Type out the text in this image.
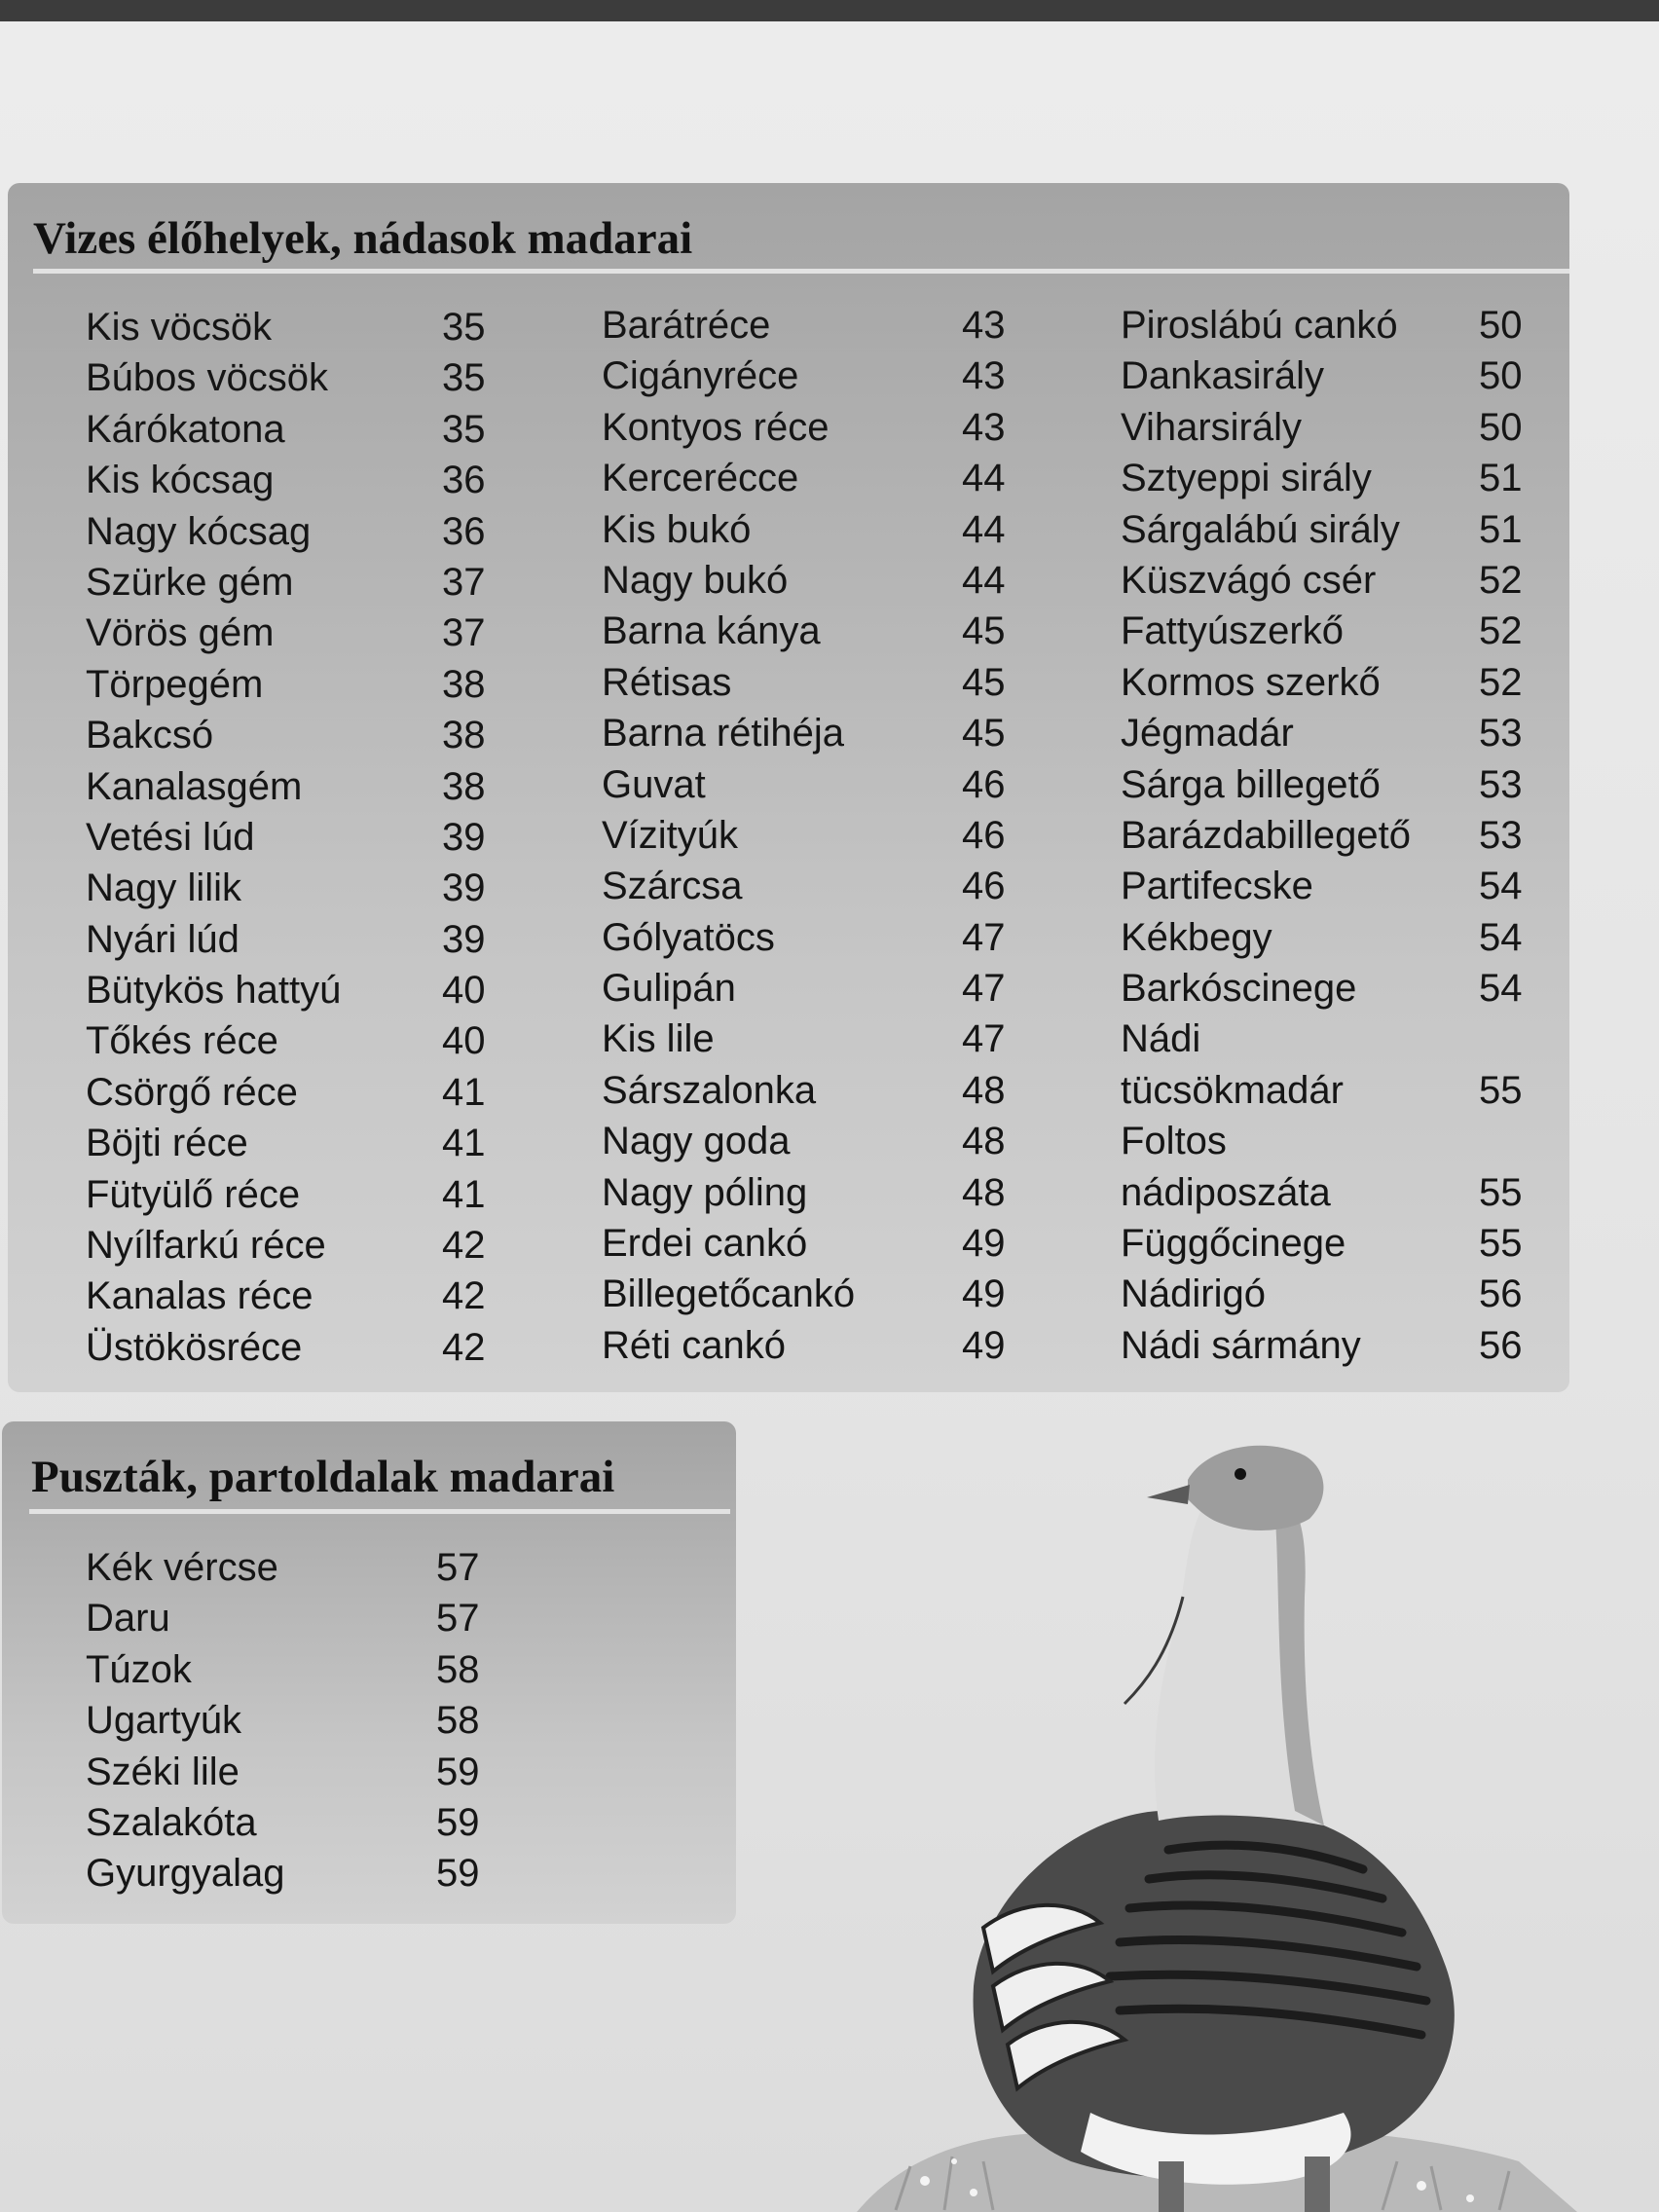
Vizes élőhelyek, nádasok madarai
Kis vöcsök	35
Búbos vöcsök	35
Kárókatona	35
Kis kócsag	36
Nagy kócsag	36
Szürke gém	37
Vörös gém	37
Törpegém	38
Bakcsó	38
Kanalasgém	38
Vetési lúd	39
Nagy lilik	39
Nyári lúd	39
Bütykös hattyú	40
Tőkés réce	40
Csörgő réce	41
Böjti réce	41
Fütyülő réce	41
Nyílfarkú réce	42
Kanalas réce	42
Üstökösréce	42
Barátréce	43
Cigányréce	43
Kontyos réce	43
Kercerécce	44
Kis bukó	44
Nagy bukó	44
Barna kánya	45
Rétisas	45
Barna rétihéja	45
Guvat	46
Vízityúk	46
Szárcsa	46
Gólyatöcs	47
Gulipán	47
Kis lile	47
Sárszalonka	48
Nagy goda	48
Nagy póling	48
Erdei cankó	49
Billegetőcankó	49
Réti cankó	49
Piroslábú cankó 50
Dankasirály	50
Viharsirály	50
Sztyeppi sirály	51
Sárgalábú sirály 51
Küszvágó csér	52
Fattyúszerkő	52
Kormos szerkő	52
Jégmadár	53
Sárga billegető	53
Barázdabillegető 53
Partifecske	54
Kékbegy	54
Barkóscinege	54
Nádi
tücsökmadár	55
Foltos
nádiposzáta	55
Függőcinege	55
Nádirigó	56
Nádi sármány	56
Puszták, partoldalak madarai
Kék vércse	57
Daru	57
Túzok	58
Ugartyúk	58
Széki lile	59
Szalakóta	59
Gyurgyalag	59
